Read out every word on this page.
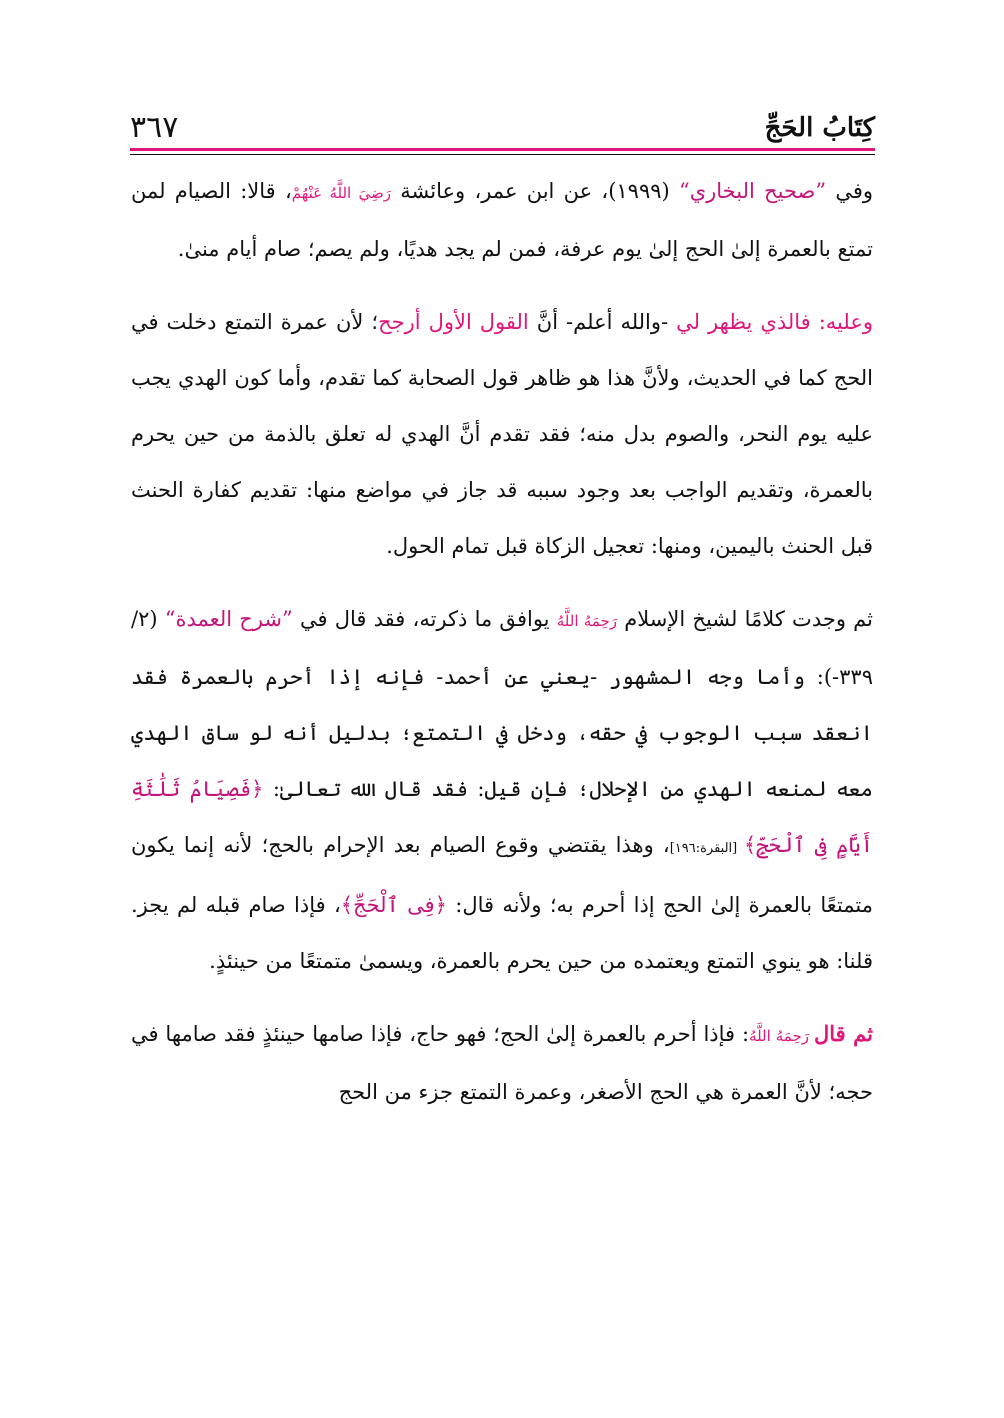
٣٦٧	كِتَابُ الحَجِّ

وفي ”صحيح البخاري“ (١٩٩٩)، عن ابن عمر، وعائشة رَضِيَ اللَّهُ عَنْهُمْ، قالا: الصيام لمن تمتع بالعمرة إلىٰ الحج إلىٰ يوم عرفة، فمن لم يجد هديًا، ولم يصم؛ صام أيام منىٰ.

وعليه: فالذي يظهر لي -والله أعلم- أنَّ القول الأول أرجح؛ لأن عمرة التمتع دخلت في الحج كما في الحديث، ولأنَّ هذا هو ظاهر قول الصحابة كما تقدم، وأما كون الهدي يجب عليه يوم النحر، والصوم بدل منه؛ فقد تقدم أنَّ الهدي له تعلق بالذمة من حين يحرم بالعمرة، وتقديم الواجب بعد وجود سببه قد جاز في مواضع منها: تقديم كفارة الحنث قبل الحنث باليمين، ومنها: تعجيل الزكاة قبل تمام الحول.

ثم وجدت كلامًا لشيخ الإسلام رَحِمَهُ اللَّهُ يوافق ما ذكرته، فقد قال في ”شرح العمدة“ (٢/ ٣٣٩-): وأما وجه المشهور -يعني عن أحمد- فإنه إذا أحرم بالعمرة فقد انعقد سبب الوجوب في حقه، ودخل في التمتع؛ بدليل أنه لو ساق الهدي معه لمنعه الهدي من الإحلال؛ فإن قيل: فقد قال الله تعالىٰ: ﴿فَصِيَامُ ثَلَٰثَةِ أَيَّامٍ فِى ٱلْحَجِّ﴾ [البقرة:١٩٦]، وهذا يقتضي وقوع الصيام بعد الإحرام بالحج؛ لأنه إنما يكون متمتعًا بالعمرة إلىٰ الحج إذا أحرم به؛ ولأنه قال: ﴿فِى ٱلْحَجِّ﴾، فإذا صام قبله لم يجز. قلنا: هو ينوي التمتع ويعتمده من حين يحرم بالعمرة، ويسمىٰ متمتعًا من حينئذٍ.

ثم قال رَحِمَهُ اللَّهُ: فإذا أحرم بالعمرة إلىٰ الحج؛ فهو حاج، فإذا صامها حينئذٍ فقد صامها في حجه؛ لأنَّ العمرة هي الحج الأصغر، وعمرة التمتع جزء من الحج
